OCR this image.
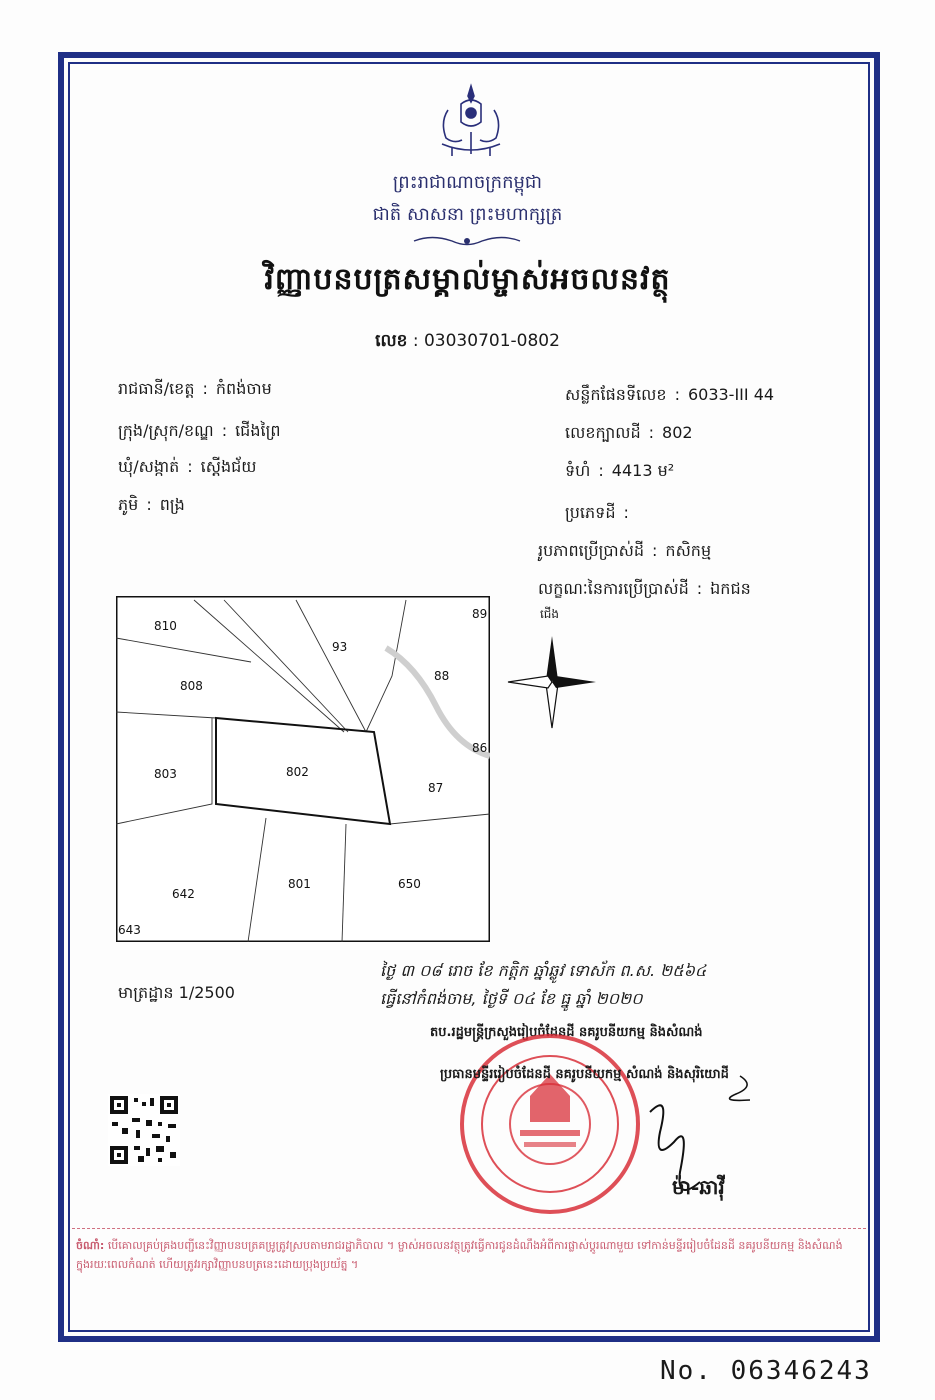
ព្រះរាជាណាចក្រកម្ពុជា
ជាតិ សាសនា ព្រះមហាក្សត្រ
វិញ្ញាបនបត្រសម្គាល់ម្ចាស់អចលនវត្ថុ
លេខ : 03030701-0802
រាជធានី/ខេត្ត : កំពង់ចាម
ក្រុង/ស្រុក/ខណ្ឌ : ជើងព្រៃ
ឃុំ/សង្កាត់ : ស្ដើងជ័យ
ភូមិ : ពង្រ
សន្លឹកផែនទីលេខ : 6033-III 44
លេខក្បាលដី : 802
ទំហំ : 4413 ម²
ប្រភេទដី :
រូបភាពប្រើប្រាស់ដី : កសិកម្ម
លក្ខណៈនៃការប្រើប្រាស់ដី : ឯកជន
810
93
89
88
808
86
803	802
87
642
801	650
643
ជើង
មាត្រដ្ឋាន 1/2500
ថ្ងៃ ៣ ០៨ រោច ខែ កត្តិក ឆ្នាំឆ្លូវ ទោស័ក ព.ស. ២៥៦៤
ធ្វើនៅកំពង់ចាម, ថ្ងៃទី ០៤ ខែ ធ្នូ ឆ្នាំ ២០២០
តប.រដ្ឋមន្ត្រីក្រសួងរៀបចំដែនដី នគរូបនីយកម្ម និងសំណង់
ប្រធានមន្ទីររៀបចំដែនដី នគរូបនីយកម្ម សំណង់ និងសុរិយោដី
ម៉ា-ឆាវ៉ី
ចំណាំ: បើគោលគ្រប់គ្រងបញ្ជីនេះវិញ្ញាបនបត្រគម្រូត្រូវស្របតាមរាជរដ្ឋាភិបាល ។ ម្ចាស់អចលនវត្ថុត្រូវធ្វើការជូនដំណឹងអំពីការផ្លាស់ប្ដូរណាមួយ ទៅកាន់មន្ទីររៀបចំដែនដី នគរូបនីយកម្ម និងសំណង់ ក្នុងរយៈពេលកំណត់ ហើយត្រូវរក្សាវិញ្ញាបនបត្រនេះដោយប្រុងប្រយ័ត្ន ។
No. 06346243
